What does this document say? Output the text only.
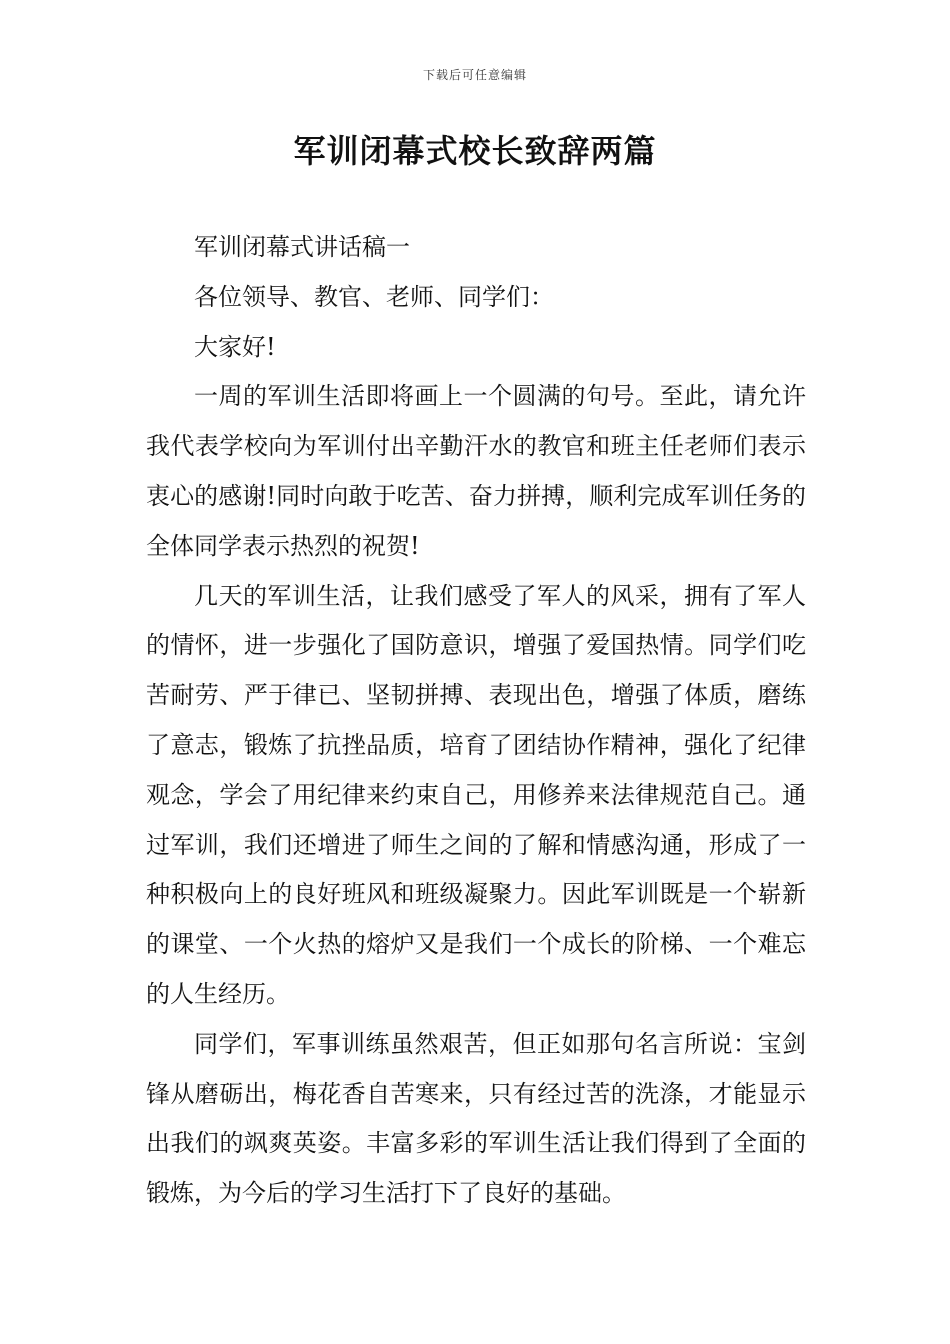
下载后可任意编辑
军训闭幕式校长致辞两篇

军训闭幕式讲话稿一

各位领导、教官、老师、同学们：

大家好!

一周的军训生活即将画上一个圆满的句号。至此，请允许我代表学校向为军训付出辛勤汗水的教官和班主任老师们表示衷心的感谢!同时向敢于吃苦、奋力拼搏，顺利完成军训任务的全体同学表示热烈的祝贺!

几天的军训生活，让我们感受了军人的风采，拥有了军人的情怀，进一步强化了国防意识，增强了爱国热情。同学们吃苦耐劳、严于律已、坚韧拼搏、表现出色，增强了体质，磨练了意志，锻炼了抗挫品质，培育了团结协作精神，强化了纪律观念，学会了用纪律来约束自己，用修养来法律规范自己。通过军训，我们还增进了师生之间的了解和情感沟通，形成了一种积极向上的良好班风和班级凝聚力。因此军训既是一个崭新的课堂、一个火热的熔炉又是我们一个成长的阶梯、一个难忘的人生经历。

同学们，军事训练虽然艰苦，但正如那句名言所说：宝剑锋从磨砺出，梅花香自苦寒来，只有经过苦的洗涤，才能显示出我们的飒爽英姿。丰富多彩的军训生活让我们得到了全面的锻炼，为今后的学习生活打下了良好的基础。
